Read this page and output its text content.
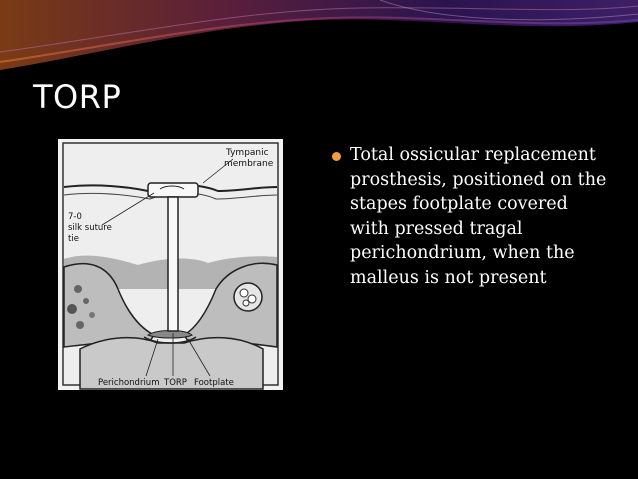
TORP
Tympanic
membrane
7-0
silk suture
tie
Perichondrium TORP Footplate
Total ossicular replacement prosthesis, positioned on the stapes footplate covered with pressed tragal perichondrium, when the malleus is not present
